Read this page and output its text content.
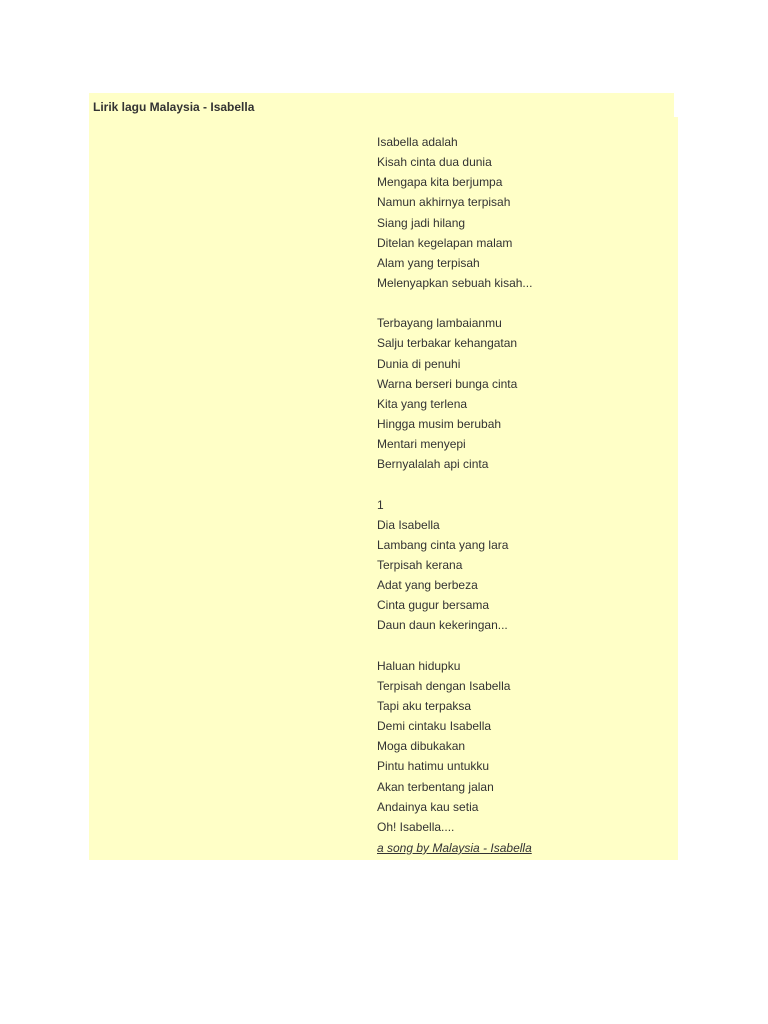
Lirik lagu Malaysia - Isabella
Isabella adalah
Kisah cinta dua dunia
Mengapa kita berjumpa
Namun akhirnya terpisah
Siang jadi hilang
Ditelan kegelapan malam
Alam yang terpisah
Melenyapkan sebuah kisah...
Terbayang lambaianmu
Salju terbakar kehangatan
Dunia di penuhi
Warna berseri bunga cinta
Kita yang terlena
Hingga musim berubah
Mentari menyepi
Bernyalalah api cinta
1
Dia Isabella
Lambang cinta yang lara
Terpisah kerana
Adat yang berbeza
Cinta gugur bersama
Daun daun kekeringan...
Haluan hidupku
Terpisah dengan Isabella
Tapi aku terpaksa
Demi cintaku Isabella
Moga dibukakan
Pintu hatimu untukku
Akan terbentang jalan
Andainya kau setia
Oh! Isabella....
a song by Malaysia - Isabella
